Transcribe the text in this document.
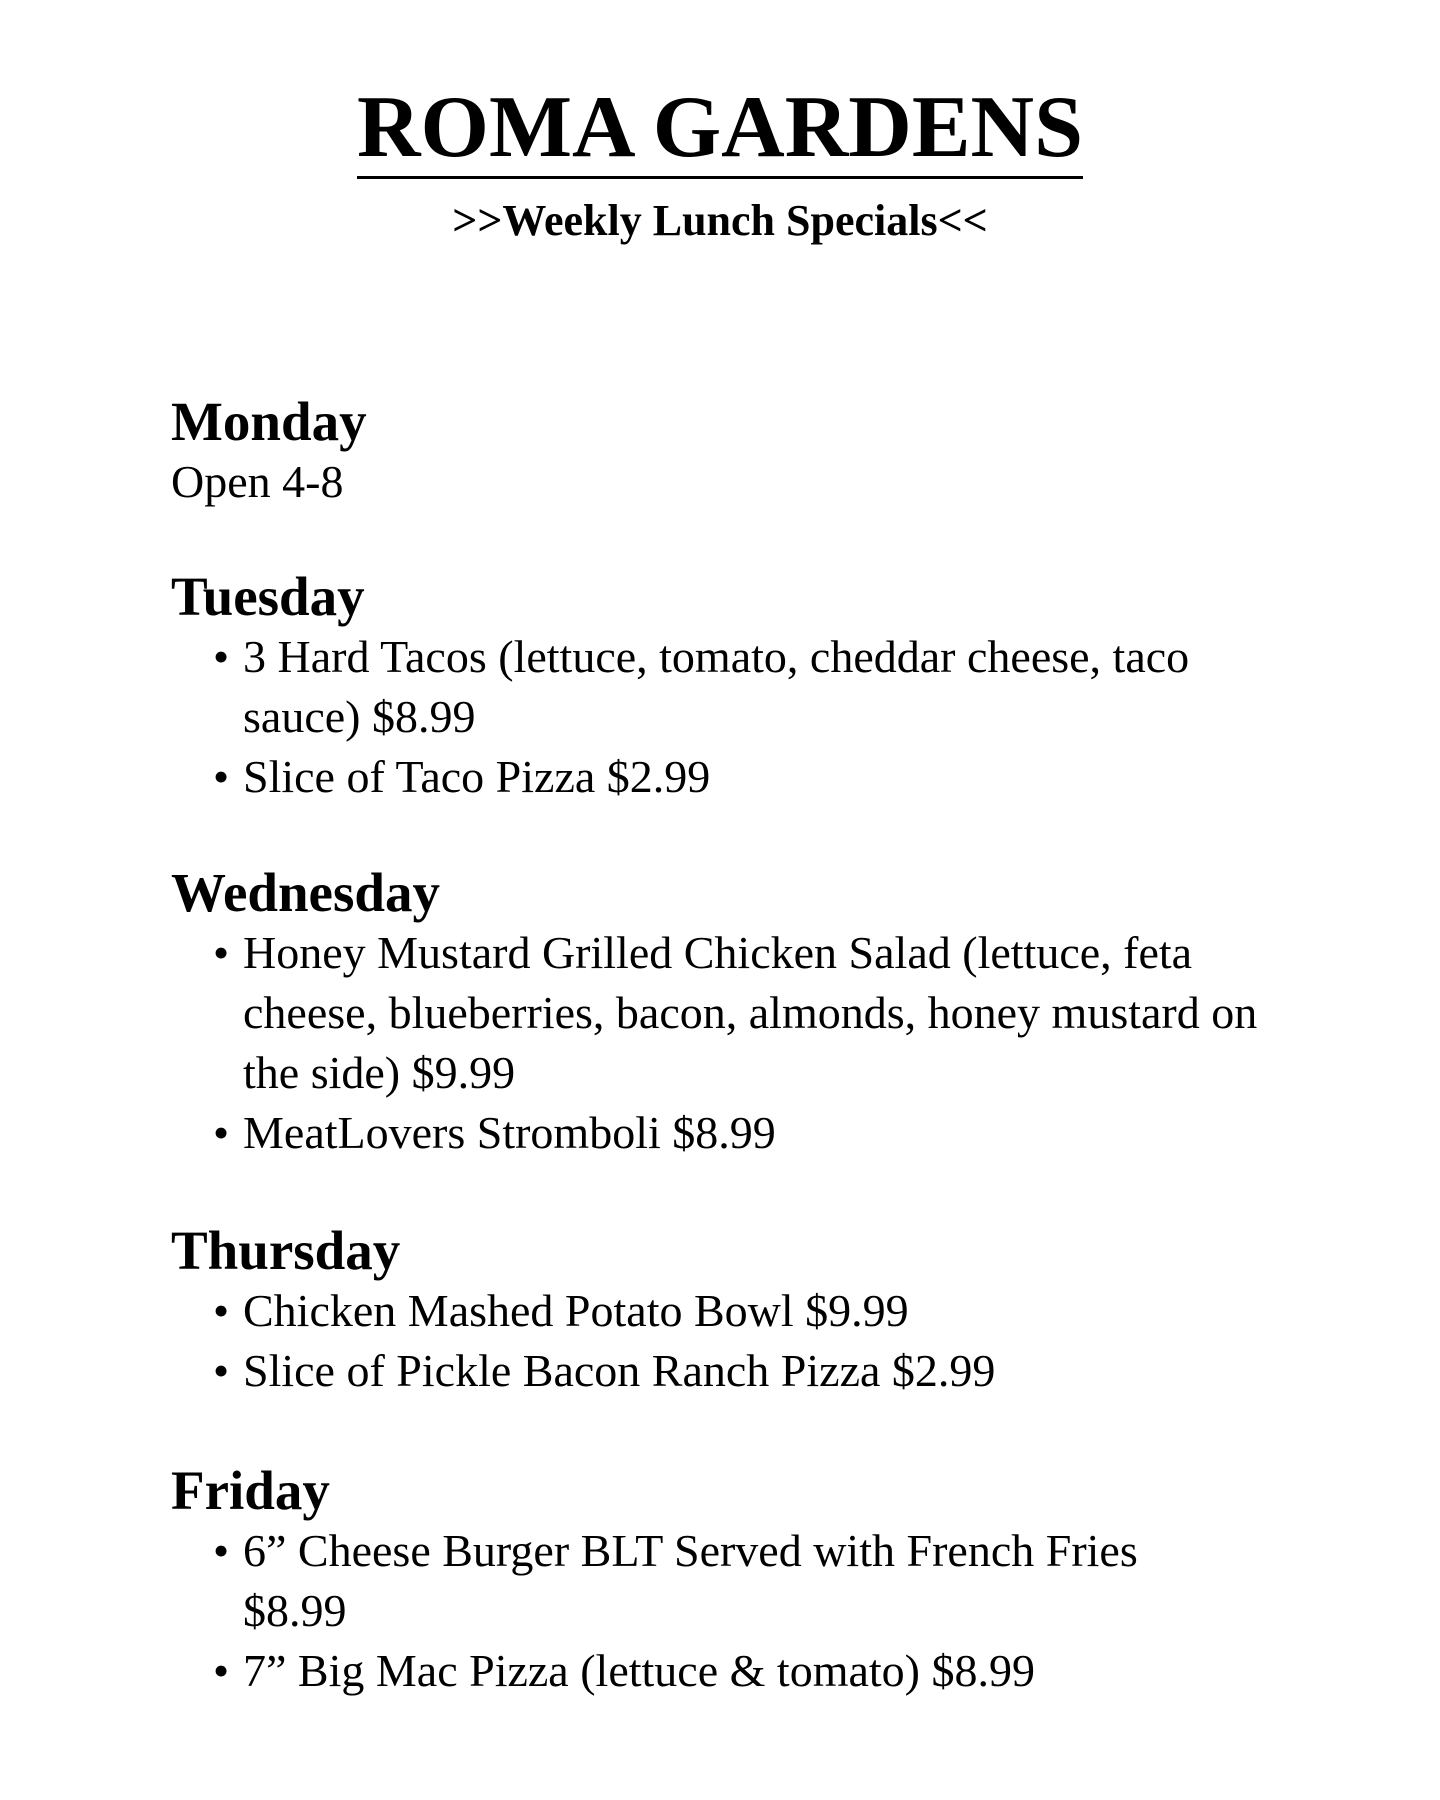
ROMA GARDENS
>>Weekly Lunch Specials<<
Monday

Open 4-8

Tuesday
• 3 Hard Tacos (lettuce, tomato, cheddar cheese, taco sauce) $8.99
• Slice of Taco Pizza $2.99
Wednesday
• Honey Mustard Grilled Chicken Salad (lettuce, feta cheese, blueberries, bacon, almonds, honey mustard on the side) $9.99
• MeatLovers Stromboli $8.99
Thursday
• Chicken Mashed Potato Bowl $9.99
• Slice of Pickle Bacon Ranch Pizza $2.99
Friday
• 6” Cheese Burger BLT Served with French Fries $8.99
• 7” Big Mac Pizza (lettuce & tomato) $8.99
